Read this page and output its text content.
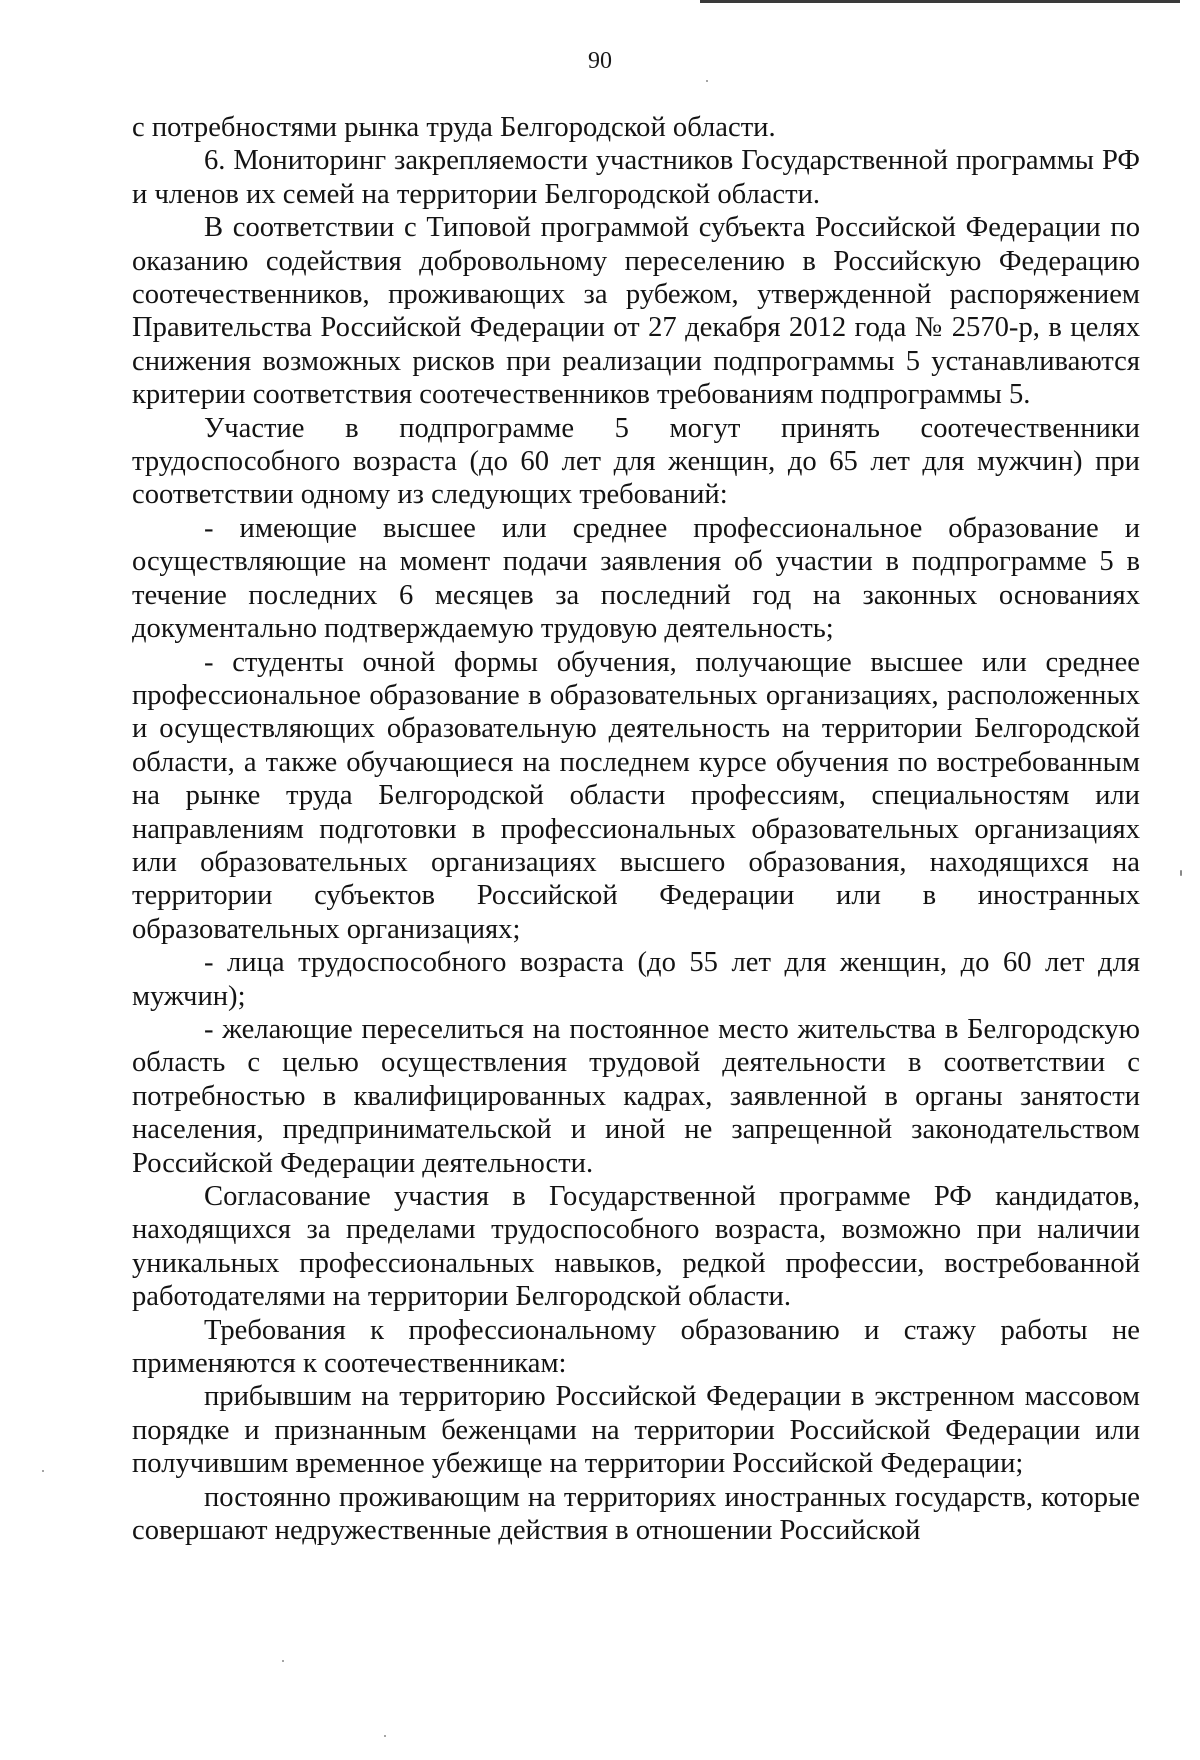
90

с потребностями рынка труда Белгородской области.

6. Мониторинг закрепляемости участников Государственной программы РФ и членов их семей на территории Белгородской области.

В соответствии с Типовой программой субъекта Российской Федерации по оказанию содействия добровольному переселению в Российскую Федерацию соотечественников, проживающих за рубежом, утвержденной распоряжением Правительства Российской Федерации от 27 декабря 2012 года № 2570-р, в целях снижения возможных рисков при реализации подпрограммы 5 устанавливаются критерии соответствия соотечественников требованиям подпрограммы 5.

Участие в подпрограмме 5 могут принять соотечественники трудоспособного возраста (до 60 лет для женщин, до 65 лет для мужчин) при соответствии одному из следующих требований:

- имеющие высшее или среднее профессиональное образование и осуществляющие на момент подачи заявления об участии в подпрограмме 5 в течение последних 6 месяцев за последний год на законных основаниях документально подтверждаемую трудовую деятельность;

- студенты очной формы обучения, получающие высшее или среднее профессиональное образование в образовательных организациях, расположенных и осуществляющих образовательную деятельность на территории Белгородской области, а также обучающиеся на последнем курсе обучения по востребованным на рынке труда Белгородской области профессиям, специальностям или направлениям подготовки в профессиональных образовательных организациях или образовательных организациях высшего образования, находящихся на территории субъектов Российской Федерации или в иностранных образовательных организациях;

- лица трудоспособного возраста (до 55 лет для женщин, до 60 лет для мужчин);

- желающие переселиться на постоянное место жительства в Белгородскую область с целью осуществления трудовой деятельности в соответствии с потребностью в квалифицированных кадрах, заявленной в органы занятости населения, предпринимательской и иной не запрещенной законодательством Российской Федерации деятельности.

Согласование участия в Государственной программе РФ кандидатов, находящихся за пределами трудоспособного возраста, возможно при наличии уникальных профессиональных навыков, редкой профессии, востребованной работодателями на территории Белгородской области.

Требования к профессиональному образованию и стажу работы не применяются к соотечественникам:

прибывшим на территорию Российской Федерации в экстренном массовом порядке и признанным беженцами на территории Российской Федерации или получившим временное убежище на территории Российской Федерации;

постоянно проживающим на территориях иностранных государств, которые совершают недружественные действия в отношении Российской
